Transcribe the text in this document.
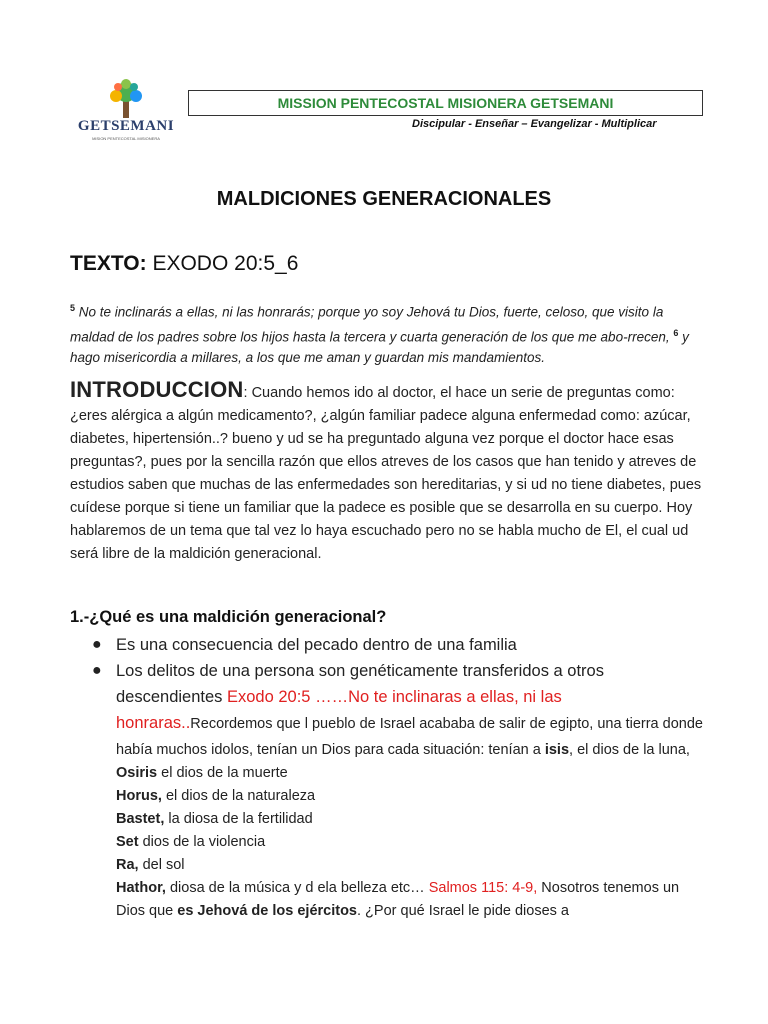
GETSEMANI
MISION PENTECOSTAL MISIONERA
MISSION PENTECOSTAL MISIONERA GETSEMANI
Discipular - Enseñar – Evangelizar - Multiplicar
MALDICIONES GENERACIONALES
TEXTO: EXODO 20:5_6
$^5$ No te inclinarás a ellas, ni las honrarás; porque yo soy Jehová tu Dios, fuerte, celoso, que visito la maldad de los padres sobre los hijos hasta la tercera y cuarta generación de los que me abo-rrecen, $^6$ y hago misericordia a millares, a los que me aman y guardan mis mandamientos.
INTRODUCCION: Cuando hemos ido al doctor, el hace un serie de preguntas como: ¿eres alérgica a algún medicamento?, ¿algún familiar padece alguna enfermedad como: azúcar, diabetes, hipertensión..? bueno y ud se ha preguntado alguna vez porque el doctor hace esas preguntas?, pues por la sencilla razón que ellos atreves de los casos que han tenido y atreves de estudios saben que muchas de las enfermedades son hereditarias, y si ud no tiene diabetes, pues cuídese porque si tiene un familiar que la padece es posible que se desarrolla en su cuerpo. Hoy hablaremos de un tema que tal vez lo haya escuchado pero no se habla mucho de El, el cual ud será libre de la maldición generacional.
1.-¿Qué es una maldición generacional?
● Es una consecuencia del pecado dentro de una familia
● Los delitos de una persona son genéticamente transferidos a otros descendientes Exodo 20:5 ……No te inclinaras a ellas, ni las honraras..Recordemos que l pueblo de Israel acababa de salir de egipto, una tierra donde había muchos idolos, tenían un Dios para cada situación: tenían a isis, el dios de la luna,
Osiris el dios de la muerte
Horus, el dios de la naturaleza
Bastet, la diosa de la fertilidad
Set dios de la violencia
Ra, del sol
Hathor, diosa de la música y d ela belleza etc… Salmos 115: 4-9, Nosotros tenemos un Dios que es Jehová de los ejércitos. ¿Por qué Israel le pide dioses a
